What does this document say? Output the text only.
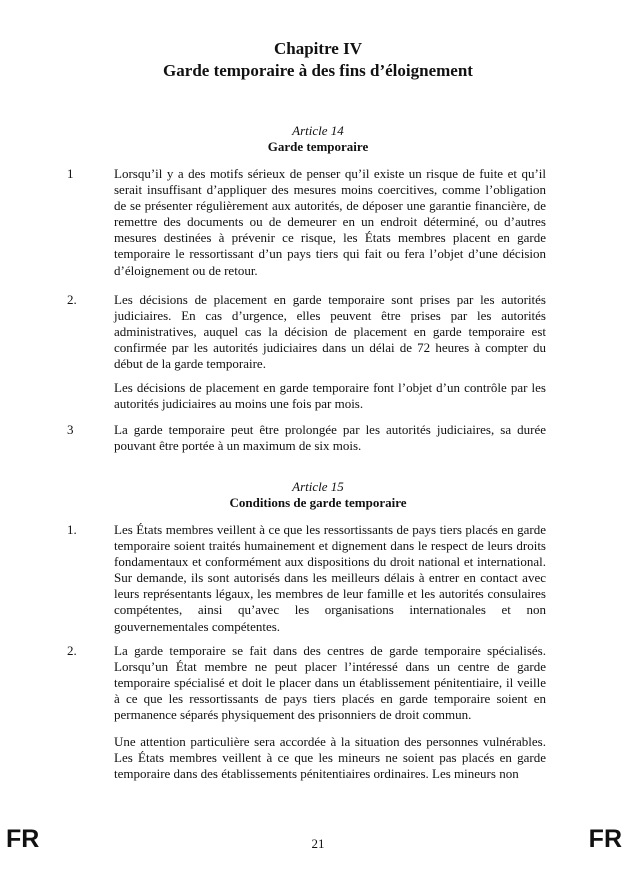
Chapitre IV
Garde temporaire à des fins d’éloignement
Article 14
Garde temporaire
1	Lorsqu’il y a des motifs sérieux de penser qu’il existe un risque de fuite et qu’il serait insuffisant d’appliquer des mesures moins coercitives, comme l’obligation de se présenter régulièrement aux autorités, de déposer une garantie financière, de remettre des documents ou de demeurer en un endroit déterminé, ou d’autres mesures destinées à prévenir ce risque, les États membres placent en garde temporaire le ressortissant d’un pays tiers qui fait ou fera l’objet d’une décision d’éloignement ou de retour.

2.	Les décisions de placement en garde temporaire sont prises par les autorités judiciaires. En cas d’urgence, elles peuvent être prises par les autorités administratives, auquel cas la décision de placement en garde temporaire est confirmée par les autorités judiciaires dans un délai de 72 heures à compter du début de la garde temporaire.

Les décisions de placement en garde temporaire font l’objet d’un contrôle par les autorités judiciaires au moins une fois par mois.

3	La garde temporaire peut être prolongée par les autorités judiciaires, sa durée pouvant être portée à un maximum de six mois.

Article 15
Conditions de garde temporaire
1.	Les États membres veillent à ce que les ressortissants de pays tiers placés en garde temporaire soient traités humainement et dignement dans le respect de leurs droits fondamentaux et conformément aux dispositions du droit national et international. Sur demande, ils sont autorisés dans les meilleurs délais à entrer en contact avec leurs représentants légaux, les membres de leur famille et les autorités consulaires compétentes, ainsi qu’avec les organisations internationales et non gouvernementales compétentes.

2.	La garde temporaire se fait dans des centres de garde temporaire spécialisés. Lorsqu’un État membre ne peut placer l’intéressé dans un centre de garde temporaire spécialisé et doit le placer dans un établissement pénitentiaire, il veille à ce que les ressortissants de pays tiers placés en garde temporaire soient en permanence séparés physiquement des prisonniers de droit commun.

Une attention particulière sera accordée à la situation des personnes vulnérables. Les États membres veillent à ce que les mineurs ne soient pas placés en garde temporaire dans des établissements pénitentiaires ordinaires. Les mineurs non

FR	21	FR
